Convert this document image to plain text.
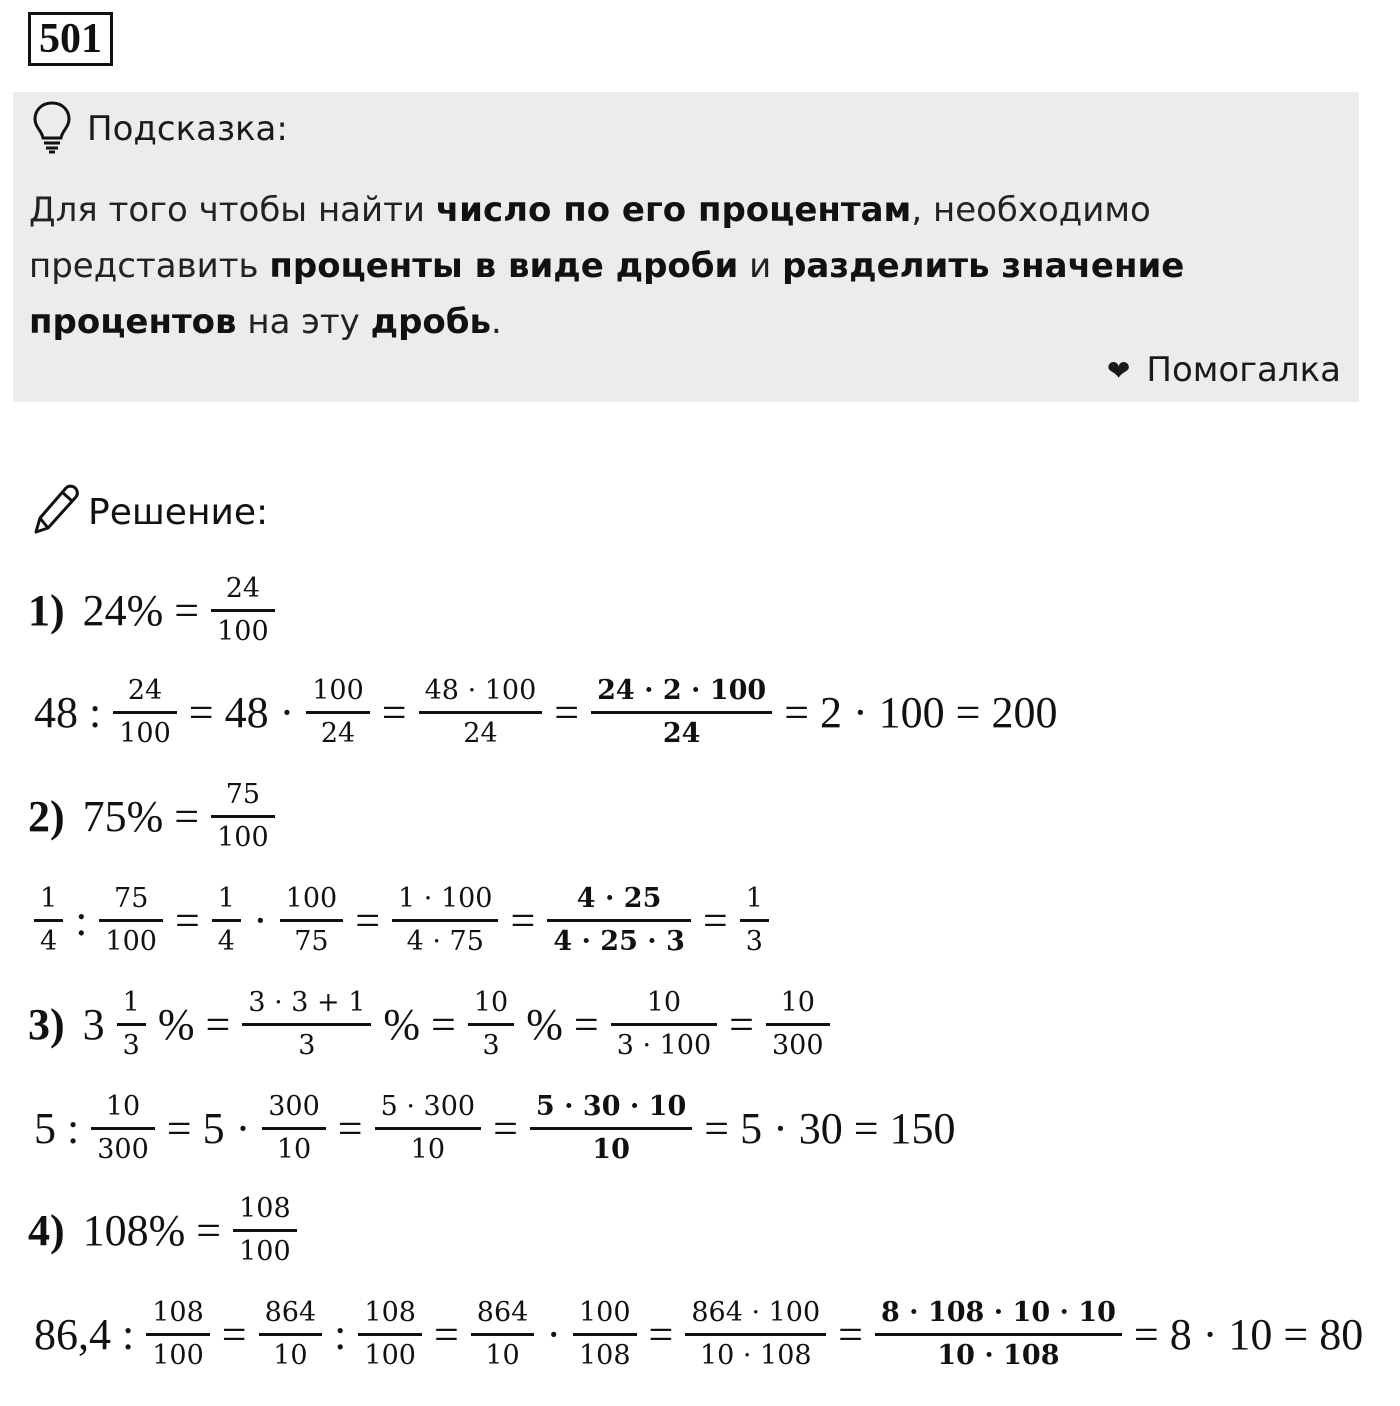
501
Подсказка:
Для того чтобы найти число по его процентам, необходимо представить проценты в виде дроби и разделить значение процентов на эту дробь.
❤ Помогалка
Решение:
1) $24\% = \frac{24}{100}$
48 : $\frac{24}{100} = 48 \cdot \frac{100}{24} = \frac{48 \cdot 100}{24} = \frac{24 \cdot 2 \cdot 100}{24} = 2 \cdot 100 = 200$
2) $75\% = \frac{75}{100}$
$\frac{1}{4}$ : $\frac{75}{100} = \frac{1}{4} \cdot \frac{100}{75} = \frac{1 \cdot 100}{4 \cdot 75} = \frac{4 \cdot 25}{4 \cdot 25 \cdot 3} = \frac{1}{3}$
3) $3 \frac{1}{3}$ % = $\frac{3 \cdot 3 + 1}{3}$ % = $\frac{10}{3}$ % = $\frac{10}{3 \cdot 100} = \frac{10}{300}$
5 : $\frac{10}{300} = 5 \cdot \frac{300}{10} = \frac{5 \cdot 300}{10} = \frac{5 \cdot 30 \cdot 10}{10} = 5 \cdot 30 = 150$
4) $108\% = \frac{108}{100}$
86,4 : $\frac{108}{100} = \frac{864}{10}$ : $\frac{108}{100} = \frac{864}{10} \cdot \frac{100}{108} = \frac{864 \cdot 100}{10 \cdot 108} = \frac{8 \cdot 108 \cdot 10 \cdot 10}{10 \cdot 108} = 8 \cdot 10 = 80$
